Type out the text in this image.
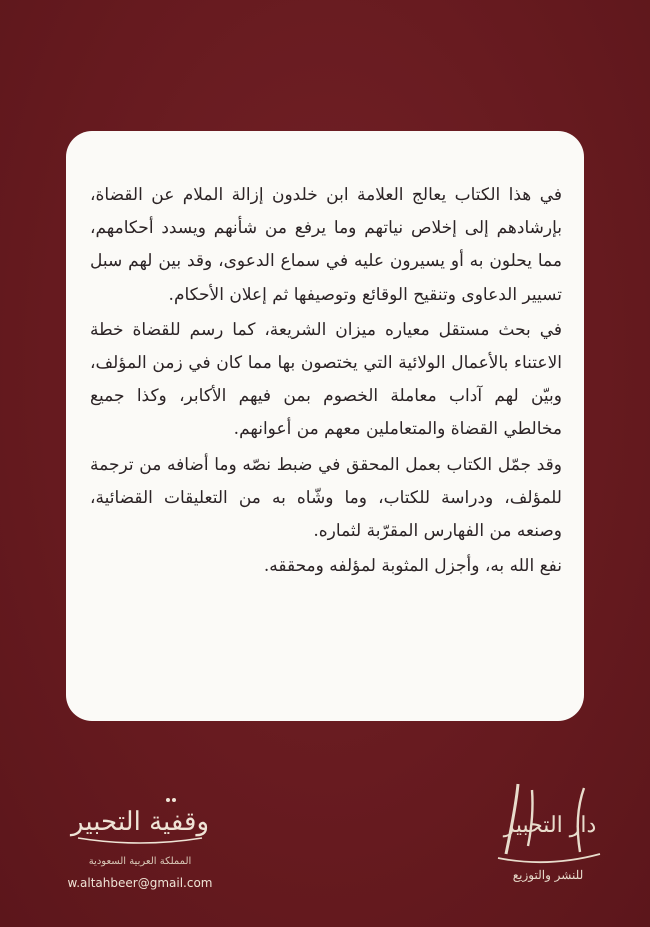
في هذا الكتاب يعالج العلامة ابن خلدون إزالة الملام عن القضاة، بإرشادهم إلى إخلاص نياتهم وما يرفع من شأنهم ويسدد أحكامهم، مما يحلون به أو يسيرون عليه في سماع الدعوى، وقد بين لهم سبل تسيير الدعاوى وتنقيح الوقائع وتوصيفها ثم إعلان الأحكام.

في بحث مستقل معياره ميزان الشريعة، كما رسم للقضاة خطة الاعتناء بالأعمال الولائية التي يختصون بها مما كان في زمن المؤلف، وبيّن لهم آداب معاملة الخصوم بمن فيهم الأكابر، وكذا جميع مخالطي القضاة والمتعاملين معهم من أعوانهم.

وقد جمّل الكتاب بعمل المحقق في ضبط نصّه وما أضافه من ترجمة للمؤلف، ودراسة للكتاب، وما وشّاه به من التعليقات القضائية، وصنعه من الفهارس المقرّبة لثماره.

نفع الله به، وأجزل المثوبة لمؤلفه ومحققه.

وقفية التحبير
المملكة العربية السعودية
w.altahbeer@gmail.com
دار التحبير
للنشر والتوزيع
